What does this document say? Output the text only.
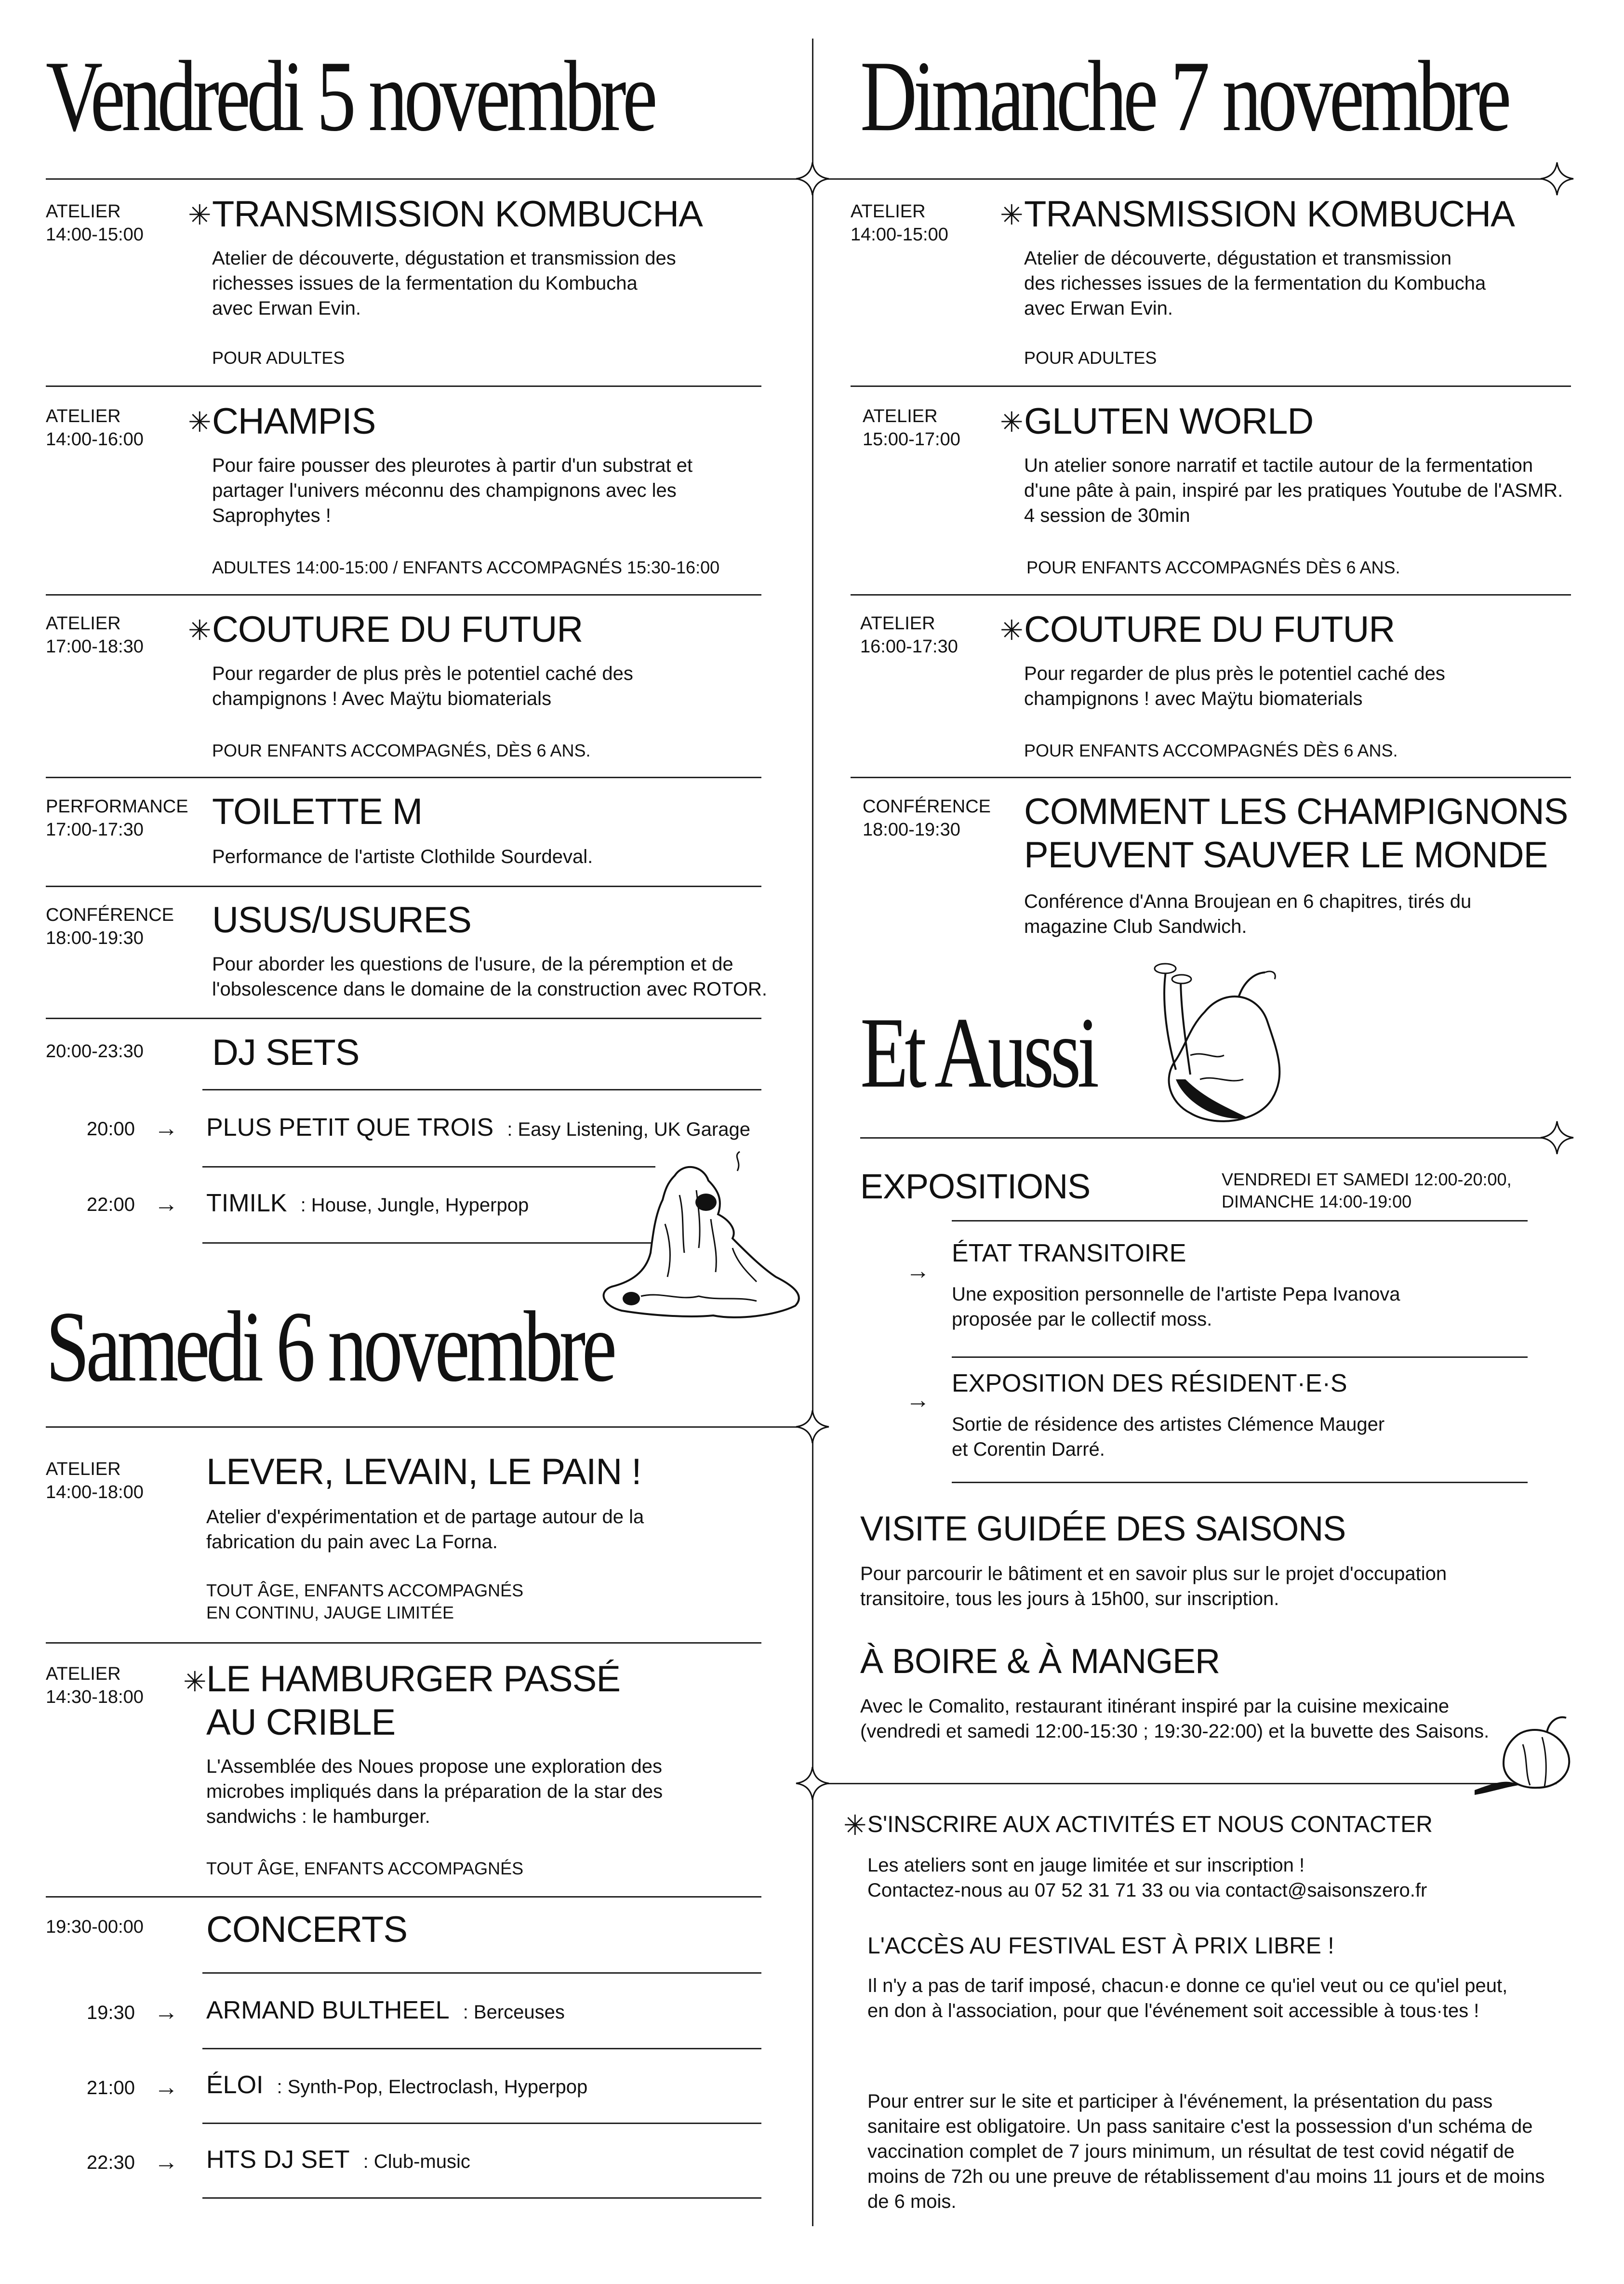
Vendredi 5 novembre
ATELIER
14:00-15:00
✳ TRANSMISSION KOMBUCHA
Atelier de découverte, dégustation et transmission des
richesses issues de la fermentation du Kombucha
avec Erwan Evin.
POUR ADULTES
ATELIER
14:00-16:00
✳ CHAMPIS
Pour faire pousser des pleurotes à partir d'un substrat et
partager l'univers méconnu des champignons avec les
Saprophytes !
ADULTES 14:00-15:00 / ENFANTS ACCOMPAGNÉS 15:30-16:00
ATELIER
17:00-18:30
✳ COUTURE DU FUTUR
Pour regarder de plus près le potentiel caché des
champignons ! Avec Maÿtu biomaterials
POUR ENFANTS ACCOMPAGNÉS, DÈS 6 ANS.
PERFORMANCE
17:00-17:30 TOILETTE M
Performance de l'artiste Clothilde Sourdeval.
CONFÉRENCE
18:00-19:30 USUS/USURES
Pour aborder les questions de l'usure, de la péremption et de
l'obsolescence dans le domaine de la construction avec ROTOR.
20:00-23:30 DJ SETS
20:00 → PLUS PETIT QUE TROIS : Easy Listening, UK Garage
22:00 → TIMILK : House, Jungle, Hyperpop
Samedi 6 novembre
ATELIER
14:00-18:00 LEVER, LEVAIN, LE PAIN !
Atelier d'expérimentation et de partage autour de la
fabrication du pain avec La Forna.
TOUT ÂGE, ENFANTS ACCOMPAGNÉS
EN CONTINU, JAUGE LIMITÉE
ATELIER
14:30-18:00 ✳ LE HAMBURGER PASSÉ
AU CRIBLE
L'Assemblée des Noues propose une exploration des
microbes impliqués dans la préparation de la star des
sandwichs : le hamburger.
TOUT ÂGE, ENFANTS ACCOMPAGNÉS
19:30-00:00 CONCERTS
19:30 → ARMAND BULTHEEL : Berceuses
21:00 → ÉLOI : Synth-Pop, Electroclash, Hyperpop
22:30 → HTS DJ SET : Club-music
Dimanche 7 novembre
ATELIER
14:00-15:00
✳ TRANSMISSION KOMBUCHA
Atelier de découverte, dégustation et transmission
des richesses issues de la fermentation du Kombucha
avec Erwan Evin.
POUR ADULTES
ATELIER
15:00-17:00
✳ GLUTEN WORLD
Un atelier sonore narratif et tactile autour de la fermentation
d'une pâte à pain, inspiré par les pratiques Youtube de l'ASMR.
4 session de 30min
POUR ENFANTS ACCOMPAGNÉS DÈS 6 ANS.
ATELIER
16:00-17:30
✳ COUTURE DU FUTUR
Pour regarder de plus près le potentiel caché des
champignons ! avec Maÿtu biomaterials
POUR ENFANTS ACCOMPAGNÉS DÈS 6 ANS.
CONFÉRENCE
18:00-19:30 COMMENT LES CHAMPIGNONS
PEUVENT SAUVER LE MONDE
Conférence d'Anna Broujean en 6 chapitres, tirés du
magazine Club Sandwich.
Et Aussi
EXPOSITIONS	VENDREDI ET SAMEDI 12:00-20:00,
DIMANCHE 14:00-19:00
→
ÉTAT TRANSITOIRE
Une exposition personnelle de l'artiste Pepa Ivanova
proposée par le collectif moss.
→
EXPOSITION DES RÉSIDENT·E·S
Sortie de résidence des artistes Clémence Mauger
et Corentin Darré.
VISITE GUIDÉE DES SAISONS
Pour parcourir le bâtiment et en savoir plus sur le projet d'occupation
transitoire, tous les jours à 15h00, sur inscription.
À BOIRE & À MANGER
Avec le Comalito, restaurant itinérant inspiré par la cuisine mexicaine
(vendredi et samedi 12:00-15:30 ; 19:30-22:00) et la buvette des Saisons.
✳ S'INSCRIRE AUX ACTIVITÉS ET NOUS CONTACTER
Les ateliers sont en jauge limitée et sur inscription !
Contactez-nous au 07 52 31 71 33 ou via contact@saisonszero.fr
L'ACCÈS AU FESTIVAL EST À PRIX LIBRE !
Il n'y a pas de tarif imposé, chacun·e donne ce qu'iel veut ou ce qu'iel peut,
en don à l'association, pour que l'événement soit accessible à tous·tes !
Pour entrer sur le site et participer à l'événement, la présentation du pass
sanitaire est obligatoire. Un pass sanitaire c'est la possession d'un schéma de
vaccination complet de 7 jours minimum, un résultat de test covid négatif de
moins de 72h ou une preuve de rétablissement d'au moins 11 jours et de moins
de 6 mois.
